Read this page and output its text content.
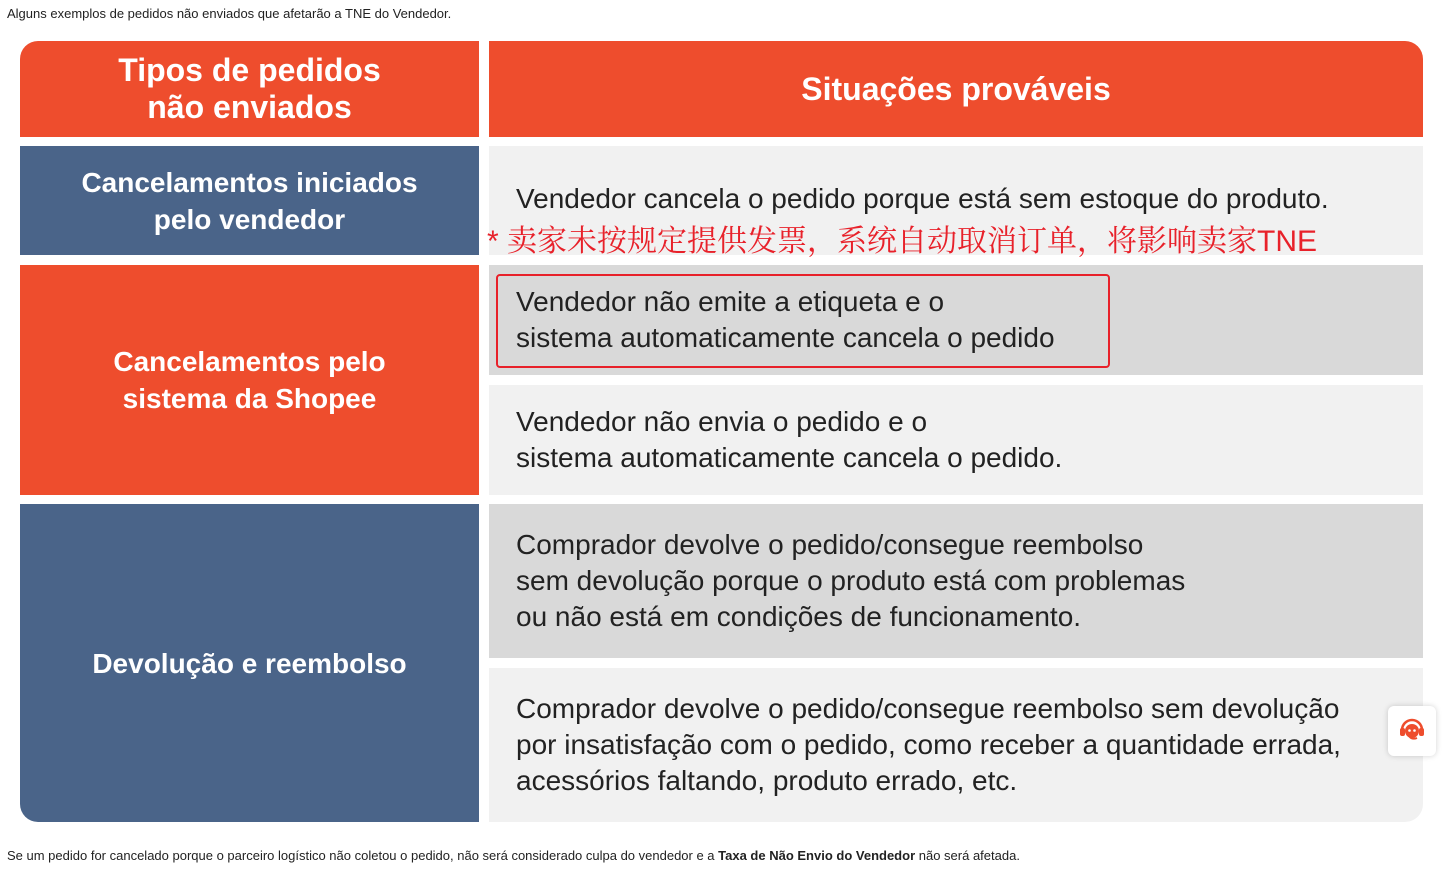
Alguns exemplos de pedidos não enviados que afetarão a TNE do Vendedor.
Tipos de pedidos
não enviados
Situações prováveis
Cancelamentos iniciados
pelo vendedor
Cancelamentos pelo
sistema da Shopee
Devolução e reembolso
Vendedor cancela o pedido porque está sem estoque do produto.
Vendedor não emite a etiqueta e o
sistema automaticamente cancela o pedido
Vendedor não envia o pedido e o
sistema automaticamente cancela o pedido.
Comprador devolve o pedido/consegue reembolso
sem devolução porque o produto está com problemas
ou não está em condições de funcionamento.
Comprador devolve o pedido/consegue reembolso sem devolução
por insatisfação com o pedido, como receber a quantidade errada,
acessórios faltando, produto errado, etc.
* 卖家未按规定提供发票，系统自动取消订单，将影响卖家TNE
Se um pedido for cancelado porque o parceiro logístico não coletou o pedido, não será considerado culpa do vendedor e a Taxa de Não Envio do Vendedor não será afetada.
